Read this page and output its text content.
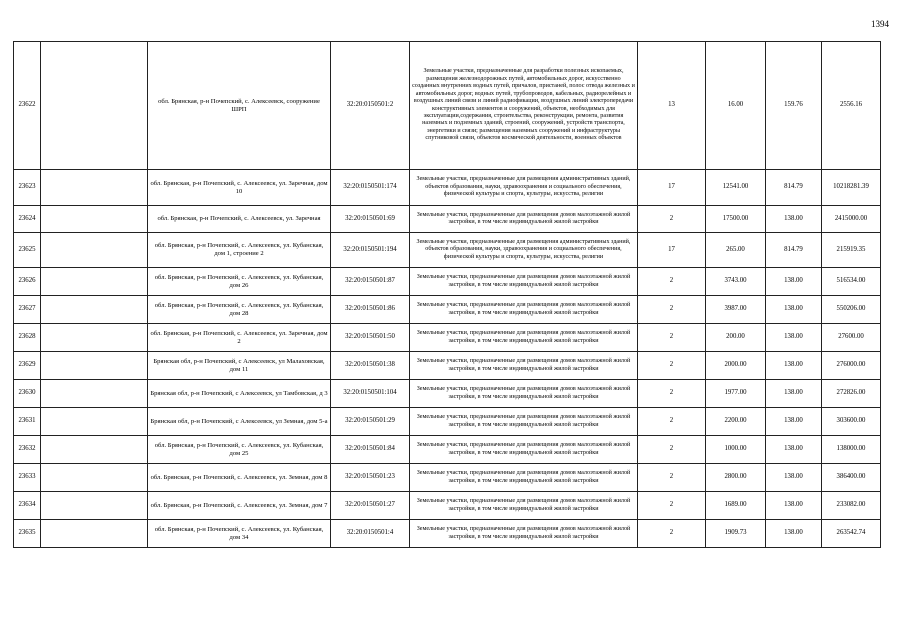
1394
23622		обл. Брянская, р-н Почепский, с. Алексеевск, сооружение ШРП	32:20:0150501:2	Земельные участки, предназначенные для разработки полезных ископаемых, размещения железнодорожных путей, автомобильных дорог, искусственно созданных внутренних водных путей, причалов, пристаней, полос отвода железных и автомобильных дорог, водных путей, трубопроводов, кабельных, радиорелейных и воздушных линий связи и линий радиофикации, воздушных линий электропередачи конструктивных элементов и сооружений, объектов, необходимых для эксплуатации,содержания, строительства, реконструкции, ремонта, развития наземных и подземных зданий, строений, сооружений, устройств транспорта, энергетики и связи; размещения наземных сооружений и инфраструктуры спутниковой связи, объектов космической деятельности, военных объектов	13	16.00	159.76	2556.16
23623		обл. Брянская, р-н Почепский, с. Алексеевск, ул. Заречная, дом 10	32:20:0150501:174	Земельные участки, предназначенные для размещения административных зданий, объектов образования, науки, здравоохранения и социального обеспечения, физической культуры и спорта, культуры, искусства, религии	17	12541.00	814.79	10218281.39
23624		обл. Брянская, р-н Почепский, с. Алексеевск, ул. Заречная	32:20:0150501:69	Земельные участки, предназначенные для размещения домов малоэтажной жилой застройки, в том числе индивидуальной жилой застройки	2	17500.00	138.00	2415000.00
23625		обл. Брянская, р-н Почепский, с. Алексеевск, ул. Кубанская, дом 1, строение 2	32:20:0150501:194	Земельные участки, предназначенные для размещения административных зданий, объектов образования, науки, здравоохранения и социального обеспечения, физической культуры и спорта, культуры, искусства, религии	17	265.00	814.79	215919.35
23626		обл. Брянская, р-н Почепский, с. Алексеевск, ул. Кубанская, дом 26	32:20:0150501:87	Земельные участки, предназначенные для размещения домов малоэтажной жилой застройки, в том числе индивидуальной жилой застройки	2	3743.00	138.00	516534.00
23627		обл. Брянская, р-н Почепский, с. Алексеевск, ул. Кубанская, дом 28	32:20:0150501:86	Земельные участки, предназначенные для размещения домов малоэтажной жилой застройки, в том числе индивидуальной жилой застройки	2	3987.00	138.00	550206.00
23628		обл. Брянская, р-н Почепский, с. Алексеевск, ул. Заречная, дом 2	32:20:0150501:50	Земельные участки, предназначенные для размещения домов малоэтажной жилой застройки, в том числе индивидуальной жилой застройки	2	200.00	138.00	27600.00
23629		Брянская обл, р-н Почепский, с Алексеевск, ул Малаховская, дом 11	32:20:0150501:38	Земельные участки, предназначенные для размещения домов малоэтажной жилой застройки, в том числе индивидуальной жилой застройки	2	2000.00	138.00	276000.00
23630		Брянская обл, р-н Почепский, с Алексеевск, ул Тамбовская, д 3	32:20:0150501:104	Земельные участки, предназначенные для размещения домов малоэтажной жилой застройки, в том числе индивидуальной жилой застройки	2	1977.00	138.00	272826.00
23631		Брянская обл, р-н Почепский, с Алексеевск, ул Земная, дом 5-а	32:20:0150501:29	Земельные участки, предназначенные для размещения домов малоэтажной жилой застройки, в том числе индивидуальной жилой застройки	2	2200.00	138.00	303600.00
23632		обл. Брянская, р-н Почепский, с. Алексеевск, ул. Кубанская, дом 25	32:20:0150501:84	Земельные участки, предназначенные для размещения домов малоэтажной жилой застройки, в том числе индивидуальной жилой застройки	2	1000.00	138.00	138000.00
23633		обл. Брянская, р-н Почепский, с. Алексеевск, ул. Земная, дом 8	32:20:0150501:23	Земельные участки, предназначенные для размещения домов малоэтажной жилой застройки, в том числе индивидуальной жилой застройки	2	2800.00	138.00	386400.00
23634		обл. Брянская, р-н Почепский, с. Алексеевск, ул. Земная, дом 7	32:20:0150501:27	Земельные участки, предназначенные для размещения домов малоэтажной жилой застройки, в том числе индивидуальной жилой застройки	2	1689.00	138.00	233082.00
23635		обл. Брянская, р-н Почепский, с. Алексеевск, ул. Кубанская, дом 34	32:20:0150501:4	Земельные участки, предназначенные для размещения домов малоэтажной жилой застройки, в том числе индивидуальной жилой застройки	2	1909.73	138.00	263542.74
